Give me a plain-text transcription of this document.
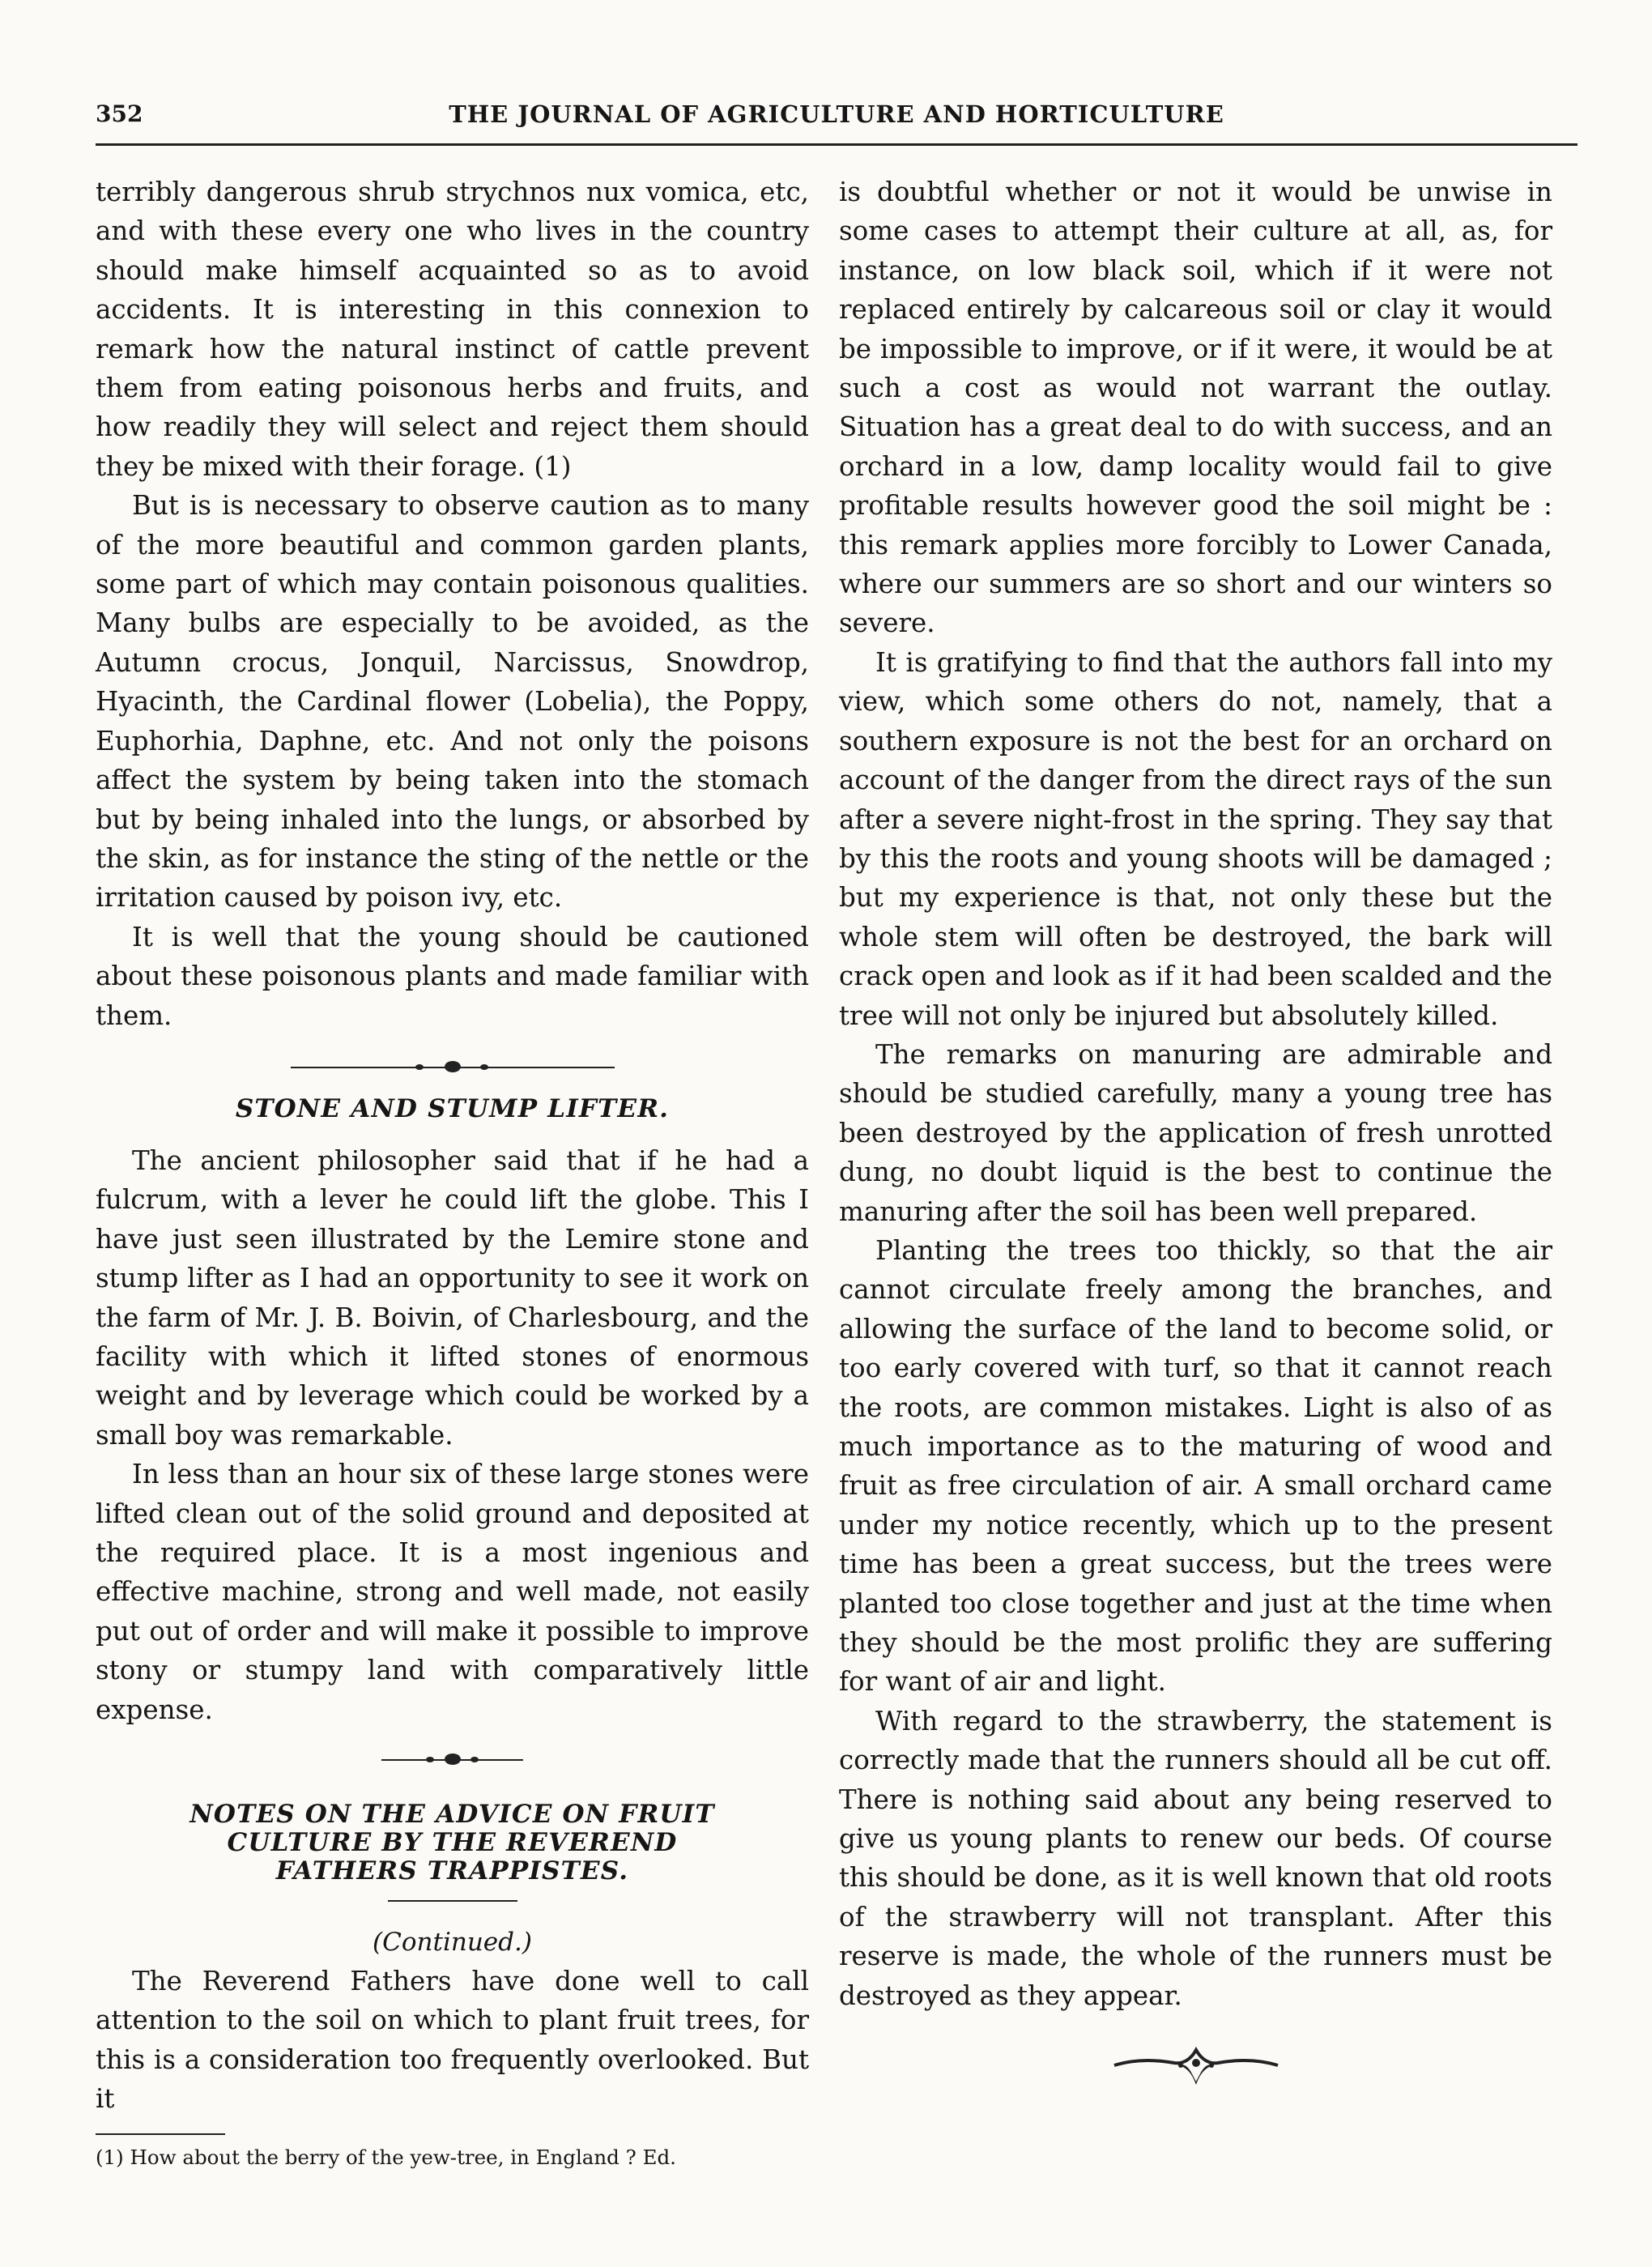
352	THE JOURNAL OF AGRICULTURE AND HORTICULTURE

terribly dangerous shrub strychnos nux vomica, etc, and with these every one who lives in the country should make himself acquainted so as to avoid accidents. It is interesting in this connexion to remark how the natural instinct of cattle prevent them from eating poisonous herbs and fruits, and how readily they will select and reject them should they be mixed with their forage. (1)

But is is necessary to observe caution as to many of the more beautiful and common garden plants, some part of which may contain poisonous qualities. Many bulbs are especially to be avoided, as the Autumn crocus, Jonquil, Narcissus, Snowdrop, Hyacinth, the Cardinal flower (Lobelia), the Poppy, Euphorhia, Daphne, etc. And not only the poisons affect the system by being taken into the stomach but by being inhaled into the lungs, or absorbed by the skin, as for instance the sting of the nettle or the irritation caused by poison ivy, etc.

It is well that the young should be cautioned about these poisonous plants and made familiar with them.

STONE AND STUMP LIFTER.

The ancient philosopher said that if he had a fulcrum, with a lever he could lift the globe. This I have just seen illustrated by the Lemire stone and stump lifter as I had an opportunity to see it work on the farm of Mr. J. B. Boivin, of Charlesbourg, and the facility with which it lifted stones of enormous weight and by leverage which could be worked by a small boy was remarkable.

In less than an hour six of these large stones were lifted clean out of the solid ground and deposited at the required place. It is a most ingenious and effective machine, strong and well made, not easily put out of order and will make it possible to improve stony or stumpy land with comparatively little expense.

NOTES ON THE ADVICE ON FRUIT
CULTURE BY THE REVEREND
FATHERS TRAPPISTES.
(Continued.)

The Reverend Fathers have done well to call attention to the soil on which to plant fruit trees, for this is a consideration too frequently overlooked. But it

(1) How about the berry of the yew-tree, in England ? Ed.

is doubtful whether or not it would be unwise in some cases to attempt their culture at all, as, for instance, on low black soil, which if it were not replaced entirely by calcareous soil or clay it would be impossible to improve, or if it were, it would be at such a cost as would not warrant the outlay. Situation has a great deal to do with success, and an orchard in a low, damp locality would fail to give profitable results however good the soil might be : this remark applies more forcibly to Lower Canada, where our summers are so short and our winters so severe.

It is gratifying to find that the authors fall into my view, which some others do not, namely, that a southern exposure is not the best for an orchard on account of the danger from the direct rays of the sun after a severe night-frost in the spring. They say that by this the roots and young shoots will be damaged ; but my experience is that, not only these but the whole stem will often be destroyed, the bark will crack open and look as if it had been scalded and the tree will not only be injured but absolutely killed.

The remarks on manuring are admirable and should be studied carefully, many a young tree has been destroyed by the application of fresh unrotted dung, no doubt liquid is the best to continue the manuring after the soil has been well prepared.

Planting the trees too thickly, so that the air cannot circulate freely among the branches, and allowing the surface of the land to become solid, or too early covered with turf, so that it cannot reach the roots, are common mistakes. Light is also of as much importance as to the maturing of wood and fruit as free circulation of air. A small orchard came under my notice recently, which up to the present time has been a great success, but the trees were planted too close together and just at the time when they should be the most prolific they are suffering for want of air and light.

With regard to the strawberry, the statement is correctly made that the runners should all be cut off. There is nothing said about any being reserved to give us young plants to renew our beds. Of course this should be done, as it is well known that old roots of the strawberry will not transplant. After this reserve is made, the whole of the runners must be destroyed as they appear.
